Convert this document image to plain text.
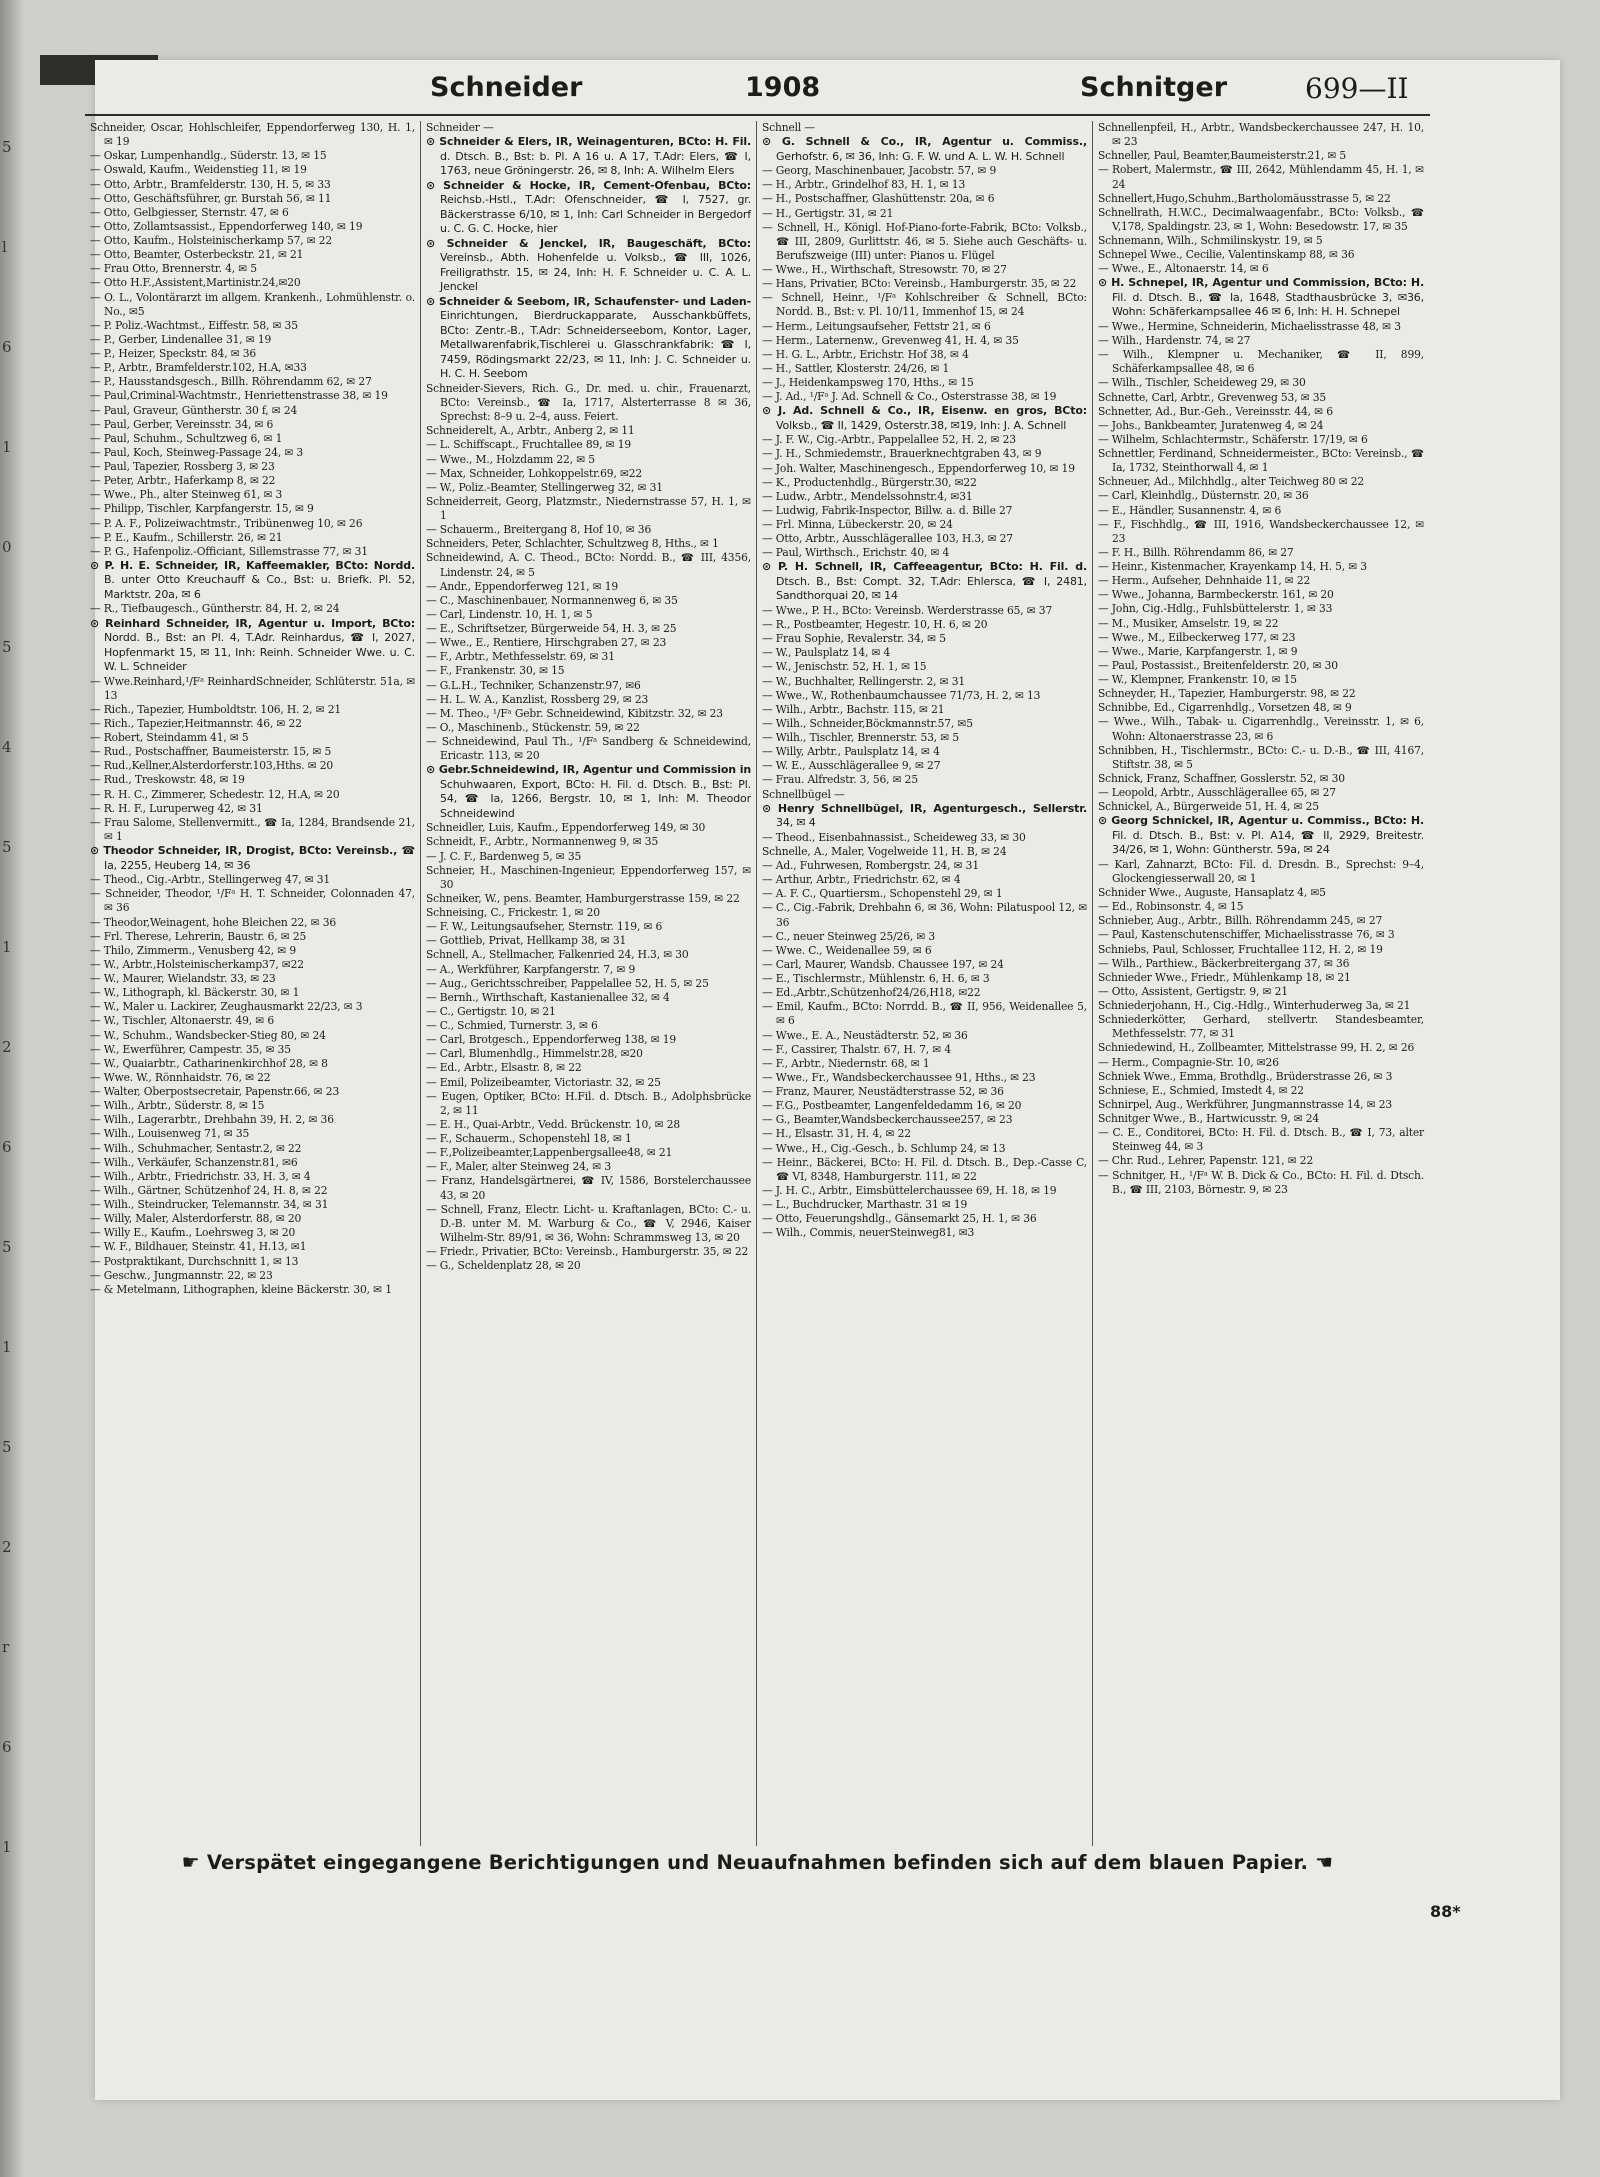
5
l
6
1
0
5
4
5
1
2
6
5
1
5
2
r
6
1
Schneider	1908	Schnitger	699—II
Schneider, Oscar, Hohlschleifer, Eppendorferweg 130, H. 1, ✉ 19
— Oskar, Lumpenhandlg., Süderstr. 13, ✉ 15
— Oswald, Kaufm., Weidenstieg 11, ✉ 19
— Otto, Arbtr., Bramfelderstr. 130, H. 5, ✉ 33
— Otto, Geschäftsführer, gr. Burstah 56, ✉ 11
— Otto, Gelbgiesser, Sternstr. 47, ✉ 6
— Otto, Zollamtsassist., Eppendorferweg 140, ✉ 19
— Otto, Kaufm., Holsteinischerkamp 57, ✉ 22
— Otto, Beamter, Osterbeckstr. 21, ✉ 21
— Frau Otto, Brennerstr. 4, ✉ 5
— Otto H.F.,Assistent,Martinistr.24,✉20
— O. L., Volontärarzt im allgem. Krankenh., Lohmühlenstr. o. No., ✉5
— P. Poliz.-Wachtmst., Eiffestr. 58, ✉ 35
— P., Gerber, Lindenallee 31, ✉ 19
— P., Heizer, Speckstr. 84, ✉ 36
— P., Arbtr., Bramfelderstr.102, H.A, ✉33
— P., Hausstandsgesch., Billh. Röhrendamm 62, ✉ 27
— Paul,Criminal-Wachtmstr., Henriettenstrasse 38, ✉ 19
— Paul, Graveur, Güntherstr. 30 f, ✉ 24
— Paul, Gerber, Vereinsstr. 34, ✉ 6
— Paul, Schuhm., Schultzweg 6, ✉ 1
— Paul, Koch, Steinweg-Passage 24, ✉ 3
— Paul, Tapezier, Rossberg 3, ✉ 23
— Peter, Arbtr., Haferkamp 8, ✉ 22
— Wwe., Ph., alter Steinweg 61, ✉ 3
— Philipp, Tischler, Karpfangerstr. 15, ✉ 9
— P. A. F., Polizeiwachtmstr., Tribünenweg 10, ✉ 26
— P. E., Kaufm., Schillerstr. 26, ✉ 21
— P. G., Hafenpoliz.-Officiant, Sillemstrasse 77, ✉ 31
⊙ P. H. E. Schneider, IR, Kaffeemakler, BCto: Nordd. B. unter Otto Kreuchauff & Co., Bst: u. Briefk. Pl. 52, Marktstr. 20a, ✉ 6
— R., Tiefbaugesch., Güntherstr. 84, H. 2, ✉ 24
⊙ Reinhard Schneider, IR, Agentur u. Import, BCto: Nordd. B., Bst: an Pl. 4, T.Adr. Reinhardus, ☎ I, 2027, Hopfenmarkt 15, ✉ 11, Inh: Reinh. Schneider Wwe. u. C. W. L. Schneider
— Wwe.Reinhard,¹/Fᵃ ReinhardSchneider, Schlüterstr. 51a, ✉ 13
— Rich., Tapezier, Humboldtstr. 106, H. 2, ✉ 21
— Rich., Tapezier,Heitmannstr. 46, ✉ 22
— Robert, Steindamm 41, ✉ 5
— Rud., Postschaffner, Baumeisterstr. 15, ✉ 5
— Rud.,Kellner,Alsterdorferstr.103,Hths. ✉ 20
— Rud., Treskowstr. 48, ✉ 19
— R. H. C., Zimmerer, Schedestr. 12, H.A, ✉ 20
— R. H. F., Luruperweg 42, ✉ 31
— Frau Salome, Stellenvermitt., ☎ Ia, 1284, Brandsende 21, ✉ 1
⊙ Theodor Schneider, IR, Drogist, BCto: Vereinsb., ☎ Ia, 2255, Heuberg 14, ✉ 36
— Theod., Cig.-Arbtr., Stellingerweg 47, ✉ 31
— Schneider, Theodor, ¹/Fᵃ H. T. Schneider, Colonnaden 47, ✉ 36
— Theodor,Weinagent, hohe Bleichen 22, ✉ 36
— Frl. Therese, Lehrerin, Baustr. 6, ✉ 25
— Thilo, Zimmerm., Venusberg 42, ✉ 9
— W., Arbtr.,Holsteinischerkamp37, ✉22
— W., Maurer, Wielandstr. 33, ✉ 23
— W., Lithograph, kl. Bäckerstr. 30, ✉ 1
— W., Maler u. Lackirer, Zeughausmarkt 22/23, ✉ 3
— W., Tischler, Altonaerstr. 49, ✉ 6
— W., Schuhm., Wandsbecker-Stieg 80, ✉ 24
— W., Ewerführer, Campestr. 35, ✉ 35
— W., Quaiarbtr., Catharinenkirchhof 28, ✉ 8
— Wwe. W., Rönnhaidstr. 76, ✉ 22
— Walter, Oberpostsecretair, Papenstr.66, ✉ 23
— Wilh., Arbtr., Süderstr. 8, ✉ 15
— Wilh., Lagerarbtr., Drehbahn 39, H. 2, ✉ 36
— Wilh., Louisenweg 71, ✉ 35
— Wilh., Schuhmacher, Sentastr.2, ✉ 22
— Wilh., Verkäufer, Schanzenstr.81, ✉6
— Wilh., Arbtr., Friedrichstr. 33, H. 3, ✉ 4
— Wilh., Gärtner, Schützenhof 24, H. 8, ✉ 22
— Wilh., Steindrucker, Telemannstr. 34, ✉ 31
— Willy, Maler, Alsterdorferstr. 88, ✉ 20
— Willy E., Kaufm., Loehrsweg 3, ✉ 20
— W. F., Bildhauer, Steinstr. 41, H.13, ✉1
— Postpraktikant, Durchschnitt 1, ✉ 13
— Geschw., Jungmannstr. 22, ✉ 23
— & Metelmann, Lithographen, kleine Bäckerstr. 30, ✉ 1
Schneider —
⊙ Schneider & Elers, IR, Weinagenturen, BCto: H. Fil. d. Dtsch. B., Bst: b. Pl. A 16 u. A 17, T.Adr: Elers, ☎ I, 1763, neue Gröningerstr. 26, ✉ 8, Inh: A. Wilhelm Elers
⊙ Schneider & Hocke, IR, Cement-Ofenbau, BCto: Reichsb.-Hstl., T.Adr: Ofenschneider, ☎ I, 7527, gr. Bäckerstrasse 6/10, ✉ 1, Inh: Carl Schneider in Bergedorf u. C. G. C. Hocke, hier
⊙ Schneider & Jenckel, IR, Baugeschäft, BCto: Vereinsb., Abth. Hohenfelde u. Volksb., ☎ III, 1026, Freiligrathstr. 15, ✉ 24, Inh: H. F. Schneider u. C. A. L. Jenckel
⊙ Schneider & Seebom, IR, Schaufenster- und Laden-Einrichtungen, Bierdruckapparate, Ausschankbüffets, BCto: Zentr.-B., T.Adr: Schneiderseebom, Kontor, Lager, Metallwarenfabrik,Tischlerei u. Glasschrankfabrik: ☎ I, 7459, Rödingsmarkt 22/23, ✉ 11, Inh: J. C. Schneider u. H. C. H. Seebom
Schneider-Sievers, Rich. G., Dr. med. u. chir., Frauenarzt, BCto: Vereinsb., ☎ Ia, 1717, Alsterterrasse 8 ✉ 36, Sprechst: 8–9 u. 2–4, auss. Feiert.
Schneiderelt, A., Arbtr., Anberg 2, ✉ 11
— L. Schiffscapt., Fruchtallee 89, ✉ 19
— Wwe., M., Holzdamm 22, ✉ 5
— Max, Schneider, Lohkoppelstr.69, ✉22
— W., Poliz.-Beamter, Stellingerweg 32, ✉ 31
Schneiderreit, Georg, Platzmstr., Niedernstrasse 57, H. 1, ✉ 1
— Schauerm., Breitergang 8, Hof 10, ✉ 36
Schneiders, Peter, Schlachter, Schultzweg 8, Hths., ✉ 1
Schneidewind, A. C. Theod., BCto: Nordd. B., ☎ III, 4356, Lindenstr. 24, ✉ 5
— Andr., Eppendorferweg 121, ✉ 19
— C., Maschinenbauer, Normannenweg 6, ✉ 35
— Carl, Lindenstr. 10, H. 1, ✉ 5
— E., Schriftsetzer, Bürgerweide 54, H. 3, ✉ 25
— Wwe., E., Rentiere, Hirschgraben 27, ✉ 23
— F., Arbtr., Methfesselstr. 69, ✉ 31
— F., Frankenstr. 30, ✉ 15
— G.L.H., Techniker, Schanzenstr.97, ✉6
— H. L. W. A., Kanzlist, Rossberg 29, ✉ 23
— M. Theo., ¹/Fᵃ Gebr. Schneidewind, Kibitzstr. 32, ✉ 23
— O., Maschinenb., Stückenstr. 59, ✉ 22
— Schneidewind, Paul Th., ¹/Fᵃ Sandberg & Schneidewind, Ericastr. 113, ✉ 20
⊙ Gebr.Schneidewind, IR, Agentur und Commission in Schuhwaaren, Export, BCto: H. Fil. d. Dtsch. B., Bst: Pl. 54, ☎ Ia, 1266, Bergstr. 10, ✉ 1, Inh: M. Theodor Schneidewind
Schneidler, Luis, Kaufm., Eppendorferweg 149, ✉ 30
Schneidt, F., Arbtr., Normannenweg 9, ✉ 35
— J. C. F., Bardenweg 5, ✉ 35
Schneier, H., Maschinen-Ingenieur, Eppendorferweg 157, ✉ 30
Schneiker, W., pens. Beamter, Hamburgerstrasse 159, ✉ 22
Schneising, C., Frickestr. 1, ✉ 20
— F. W., Leitungsaufseher, Sternstr. 119, ✉ 6
— Gottlieb, Privat, Hellkamp 38, ✉ 31
Schnell, A., Stellmacher, Falkenried 24, H.3, ✉ 30
— A., Werkführer, Karpfangerstr. 7, ✉ 9
— Aug., Gerichtsschreiber, Pappelallee 52, H. 5, ✉ 25
— Bernh., Wirthschaft, Kastanienallee 32, ✉ 4
— C., Gertigstr. 10, ✉ 21
— C., Schmied, Turnerstr. 3, ✉ 6
— Carl, Brotgesch., Eppendorferweg 138, ✉ 19
— Carl, Blumenhdlg., Himmelstr.28, ✉20
— Ed., Arbtr., Elsastr. 8, ✉ 22
— Emil, Polizeibeamter, Victoriastr. 32, ✉ 25
— Eugen, Optiker, BCto: H.Fil. d. Dtsch. B., Adolphsbrücke 2, ✉ 11
— E. H., Quai-Arbtr., Vedd. Brückenstr. 10, ✉ 28
— F., Schauerm., Schopenstehl 18, ✉ 1
— F.,Polizeibeamter,Lappenbergsallee48, ✉ 21
— F., Maler, alter Steinweg 24, ✉ 3
— Franz, Handelsgärtnerei, ☎ IV, 1586, Borstelerchaussee 43, ✉ 20
— Schnell, Franz, Electr. Licht- u. Kraftanlagen, BCto: C.- u. D.-B. unter M. M. Warburg & Co., ☎ V, 2946, Kaiser Wilhelm-Str. 89/91, ✉ 36, Wohn: Schrammsweg 13, ✉ 20
— Friedr., Privatier, BCto: Vereinsb., Hamburgerstr. 35, ✉ 22
— G., Scheldenplatz 28, ✉ 20
Schnell —
⊙ G. Schnell & Co., IR, Agentur u. Commiss., Gerhofstr. 6, ✉ 36, Inh: G. F. W. und A. L. W. H. Schnell
— Georg, Maschinenbauer, Jacobstr. 57, ✉ 9
— H., Arbtr., Grindelhof 83, H. 1, ✉ 13
— H., Postschaffner, Glashüttenstr. 20a, ✉ 6
— H., Gertigstr. 31, ✉ 21
— Schnell, H., Königl. Hof-Piano-forte-Fabrik, BCto: Volksb., ☎ III, 2809, Gurlittstr. 46, ✉ 5. Siehe auch Geschäfts- u. Berufszweige (III) unter: Pianos u. Flügel
— Wwe., H., Wirthschaft, Stresowstr. 70, ✉ 27
— Hans, Privatier, BCto: Vereinsb., Hamburgerstr. 35, ✉ 22
— Schnell, Heinr., ¹/Fᵃ Kohlschreiber & Schnell, BCto: Nordd. B., Bst: v. Pl. 10/11, Immenhof 15, ✉ 24
— Herm., Leitungsaufseher, Fettstr 21, ✉ 6
— Herm., Laternenw., Grevenweg 41, H. 4, ✉ 35
— H. G. L., Arbtr., Erichstr. Hof 38, ✉ 4
— H., Sattler, Klosterstr. 24/26, ✉ 1
— J., Heidenkampsweg 170, Hths., ✉ 15
— J. Ad., ¹/Fᵃ J. Ad. Schnell & Co., Osterstrasse 38, ✉ 19
⊙ J. Ad. Schnell & Co., IR, Eisenw. en gros, BCto: Volksb., ☎ II, 1429, Osterstr.38, ✉19, Inh: J. A. Schnell
— J. F. W., Cig.-Arbtr., Pappelallee 52, H. 2, ✉ 23
— J. H., Schmiedemstr., Brauerknechtgraben 43, ✉ 9
— Joh. Walter, Maschinengesch., Eppendorferweg 10, ✉ 19
— K., Productenhdlg., Bürgerstr.30, ✉22
— Ludw., Arbtr., Mendelssohnstr.4, ✉31
— Ludwig, Fabrik-Inspector, Billw. a. d. Bille 27
— Frl. Minna, Lübeckerstr. 20, ✉ 24
— Otto, Arbtr., Ausschlägerallee 103, H.3, ✉ 27
— Paul, Wirthsch., Erichstr. 40, ✉ 4
⊙ P. H. Schnell, IR, Caffeeagentur, BCto: H. Fil. d. Dtsch. B., Bst: Compt. 32, T.Adr: Ehlersca, ☎ I, 2481, Sandthorquai 20, ✉ 14
— Wwe., P. H., BCto: Vereinsb. Werderstrasse 65, ✉ 37
— R., Postbeamter, Hegestr. 10, H. 6, ✉ 20
— Frau Sophie, Revalerstr. 34, ✉ 5
— W., Paulsplatz 14, ✉ 4
— W., Jenischstr. 52, H. 1, ✉ 15
— W., Buchhalter, Rellingerstr. 2, ✉ 31
— Wwe., W., Rothenbaumchaussee 71/73, H. 2, ✉ 13
— Wilh., Arbtr., Bachstr. 115, ✉ 21
— Wilh., Schneider,Böckmannstr.57, ✉5
— Wilh., Tischler, Brennerstr. 53, ✉ 5
— Willy, Arbtr., Paulsplatz 14, ✉ 4
— W. E., Ausschlägerallee 9, ✉ 27
— Frau. Alfredstr. 3, 56, ✉ 25
Schnellbügel —
⊙ Henry Schnellbügel, IR, Agenturgesch., Sellerstr. 34, ✉ 4
— Theod., Eisenbahnassist., Scheideweg 33, ✉ 30
Schnelle, A., Maler, Vogelweide 11, H. B, ✉ 24
— Ad., Fuhrwesen, Rombergstr. 24, ✉ 31
— Arthur, Arbtr., Friedrichstr. 62, ✉ 4
— A. F. C., Quartiersm., Schopenstehl 29, ✉ 1
— C., Cig.-Fabrik, Drehbahn 6, ✉ 36, Wohn: Pilatuspool 12, ✉ 36
— C., neuer Steinweg 25/26, ✉ 3
— Wwe. C., Weidenallee 59, ✉ 6
— Carl, Maurer, Wandsb. Chaussee 197, ✉ 24
— E., Tischlermstr., Mühlenstr. 6, H. 6, ✉ 3
— Ed.,Arbtr.,Schützenhof24/26,H18, ✉22
— Emil, Kaufm., BCto: Norrdd. B., ☎ II, 956, Weidenallee 5, ✉ 6
— Wwe., E. A., Neustädterstr. 52, ✉ 36
— F., Cassirer, Thalstr. 67, H. 7, ✉ 4
— F., Arbtr., Niedernstr. 68, ✉ 1
— Wwe., Fr., Wandsbeckerchaussee 91, Hths., ✉ 23
— Franz, Maurer, Neustädterstrasse 52, ✉ 36
— F.G., Postbeamter, Langenfeldedamm 16, ✉ 20
— G., Beamter,Wandsbeckerchaussee257, ✉ 23
— H., Elsastr. 31, H. 4, ✉ 22
— Wwe., H., Cig.-Gesch., b. Schlump 24, ✉ 13
— Heinr., Bäckerei, BCto: H. Fil. d. Dtsch. B., Dep.-Casse C, ☎ VI, 8348, Hamburgerstr. 111, ✉ 22
— J. H. C., Arbtr., Eimsbüttelerchaussee 69, H. 18, ✉ 19
— L., Buchdrucker, Marthastr. 31 ✉ 19
— Otto, Feuerungshdlg., Gänsemarkt 25, H. 1, ✉ 36
— Wilh., Commis, neuerSteinweg81, ✉3
Schnellenpfeil, H., Arbtr., Wandsbeckerchaussee 247, H. 10, ✉ 23
Schneller, Paul, Beamter,Baumeisterstr.21, ✉ 5
— Robert, Malermstr., ☎ III, 2642, Mühlendamm 45, H. 1, ✉ 24
Schnellert,Hugo,Schuhm.,Bartholomäusstrasse 5, ✉ 22
Schnellrath, H.W.C., Decimalwaagenfabr., BCto: Volksb., ☎ V,178, Spaldingstr. 23, ✉ 1, Wohn: Besedowstr. 17, ✉ 35
Schnemann, Wilh., Schmilinskystr. 19, ✉ 5
Schnepel Wwe., Cecilie, Valentinskamp 88, ✉ 36
— Wwe., E., Altonaerstr. 14, ✉ 6
⊙ H. Schnepel, IR, Agentur und Commission, BCto: H. Fil. d. Dtsch. B., ☎ Ia, 1648, Stadthausbrücke 3, ✉36, Wohn: Schäferkampsallee 46 ✉ 6, Inh: H. H. Schnepel
— Wwe., Hermine, Schneiderin, Michaelisstrasse 48, ✉ 3
— Wilh., Hardenstr. 74, ✉ 27
— Wilh., Klempner u. Mechaniker, ☎ II, 899, Schäferkampsallee 48, ✉ 6
— Wilh., Tischler, Scheideweg 29, ✉ 30
Schnette, Carl, Arbtr., Grevenweg 53, ✉ 35
Schnetter, Ad., Bur.-Geh., Vereinsstr. 44, ✉ 6
— Johs., Bankbeamter, Juratenweg 4, ✉ 24
— Wilhelm, Schlachtermstr., Schäferstr. 17/19, ✉ 6
Schnettler, Ferdinand, Schneidermeister., BCto: Vereinsb., ☎ Ia, 1732, Steinthorwall 4, ✉ 1
Schneuer, Ad., Milchhdlg., alter Teichweg 80 ✉ 22
— Carl, Kleinhdlg., Düsternstr. 20, ✉ 36
— E., Händler, Susannenstr. 4, ✉ 6
— F., Fischhdlg., ☎ III, 1916, Wandsbeckerchaussee 12, ✉ 23
— F. H., Billh. Röhrendamm 86, ✉ 27
— Heinr., Kistenmacher, Krayenkamp 14, H. 5, ✉ 3
— Herm., Aufseher, Dehnhaide 11, ✉ 22
— Wwe., Johanna, Barmbeckerstr. 161, ✉ 20
— John, Cig.-Hdlg., Fuhlsbüttelerstr. 1, ✉ 33
— M., Musiker, Amselstr. 19, ✉ 22
— Wwe., M., Eilbeckerweg 177, ✉ 23
— Wwe., Marie, Karpfangerstr. 1, ✉ 9
— Paul, Postassist., Breitenfelderstr. 20, ✉ 30
— W., Klempner, Frankenstr. 10, ✉ 15
Schneyder, H., Tapezier, Hamburgerstr. 98, ✉ 22
Schnibbe, Ed., Cigarrenhdlg., Vorsetzen 48, ✉ 9
— Wwe., Wilh., Tabak- u. Cigarrenhdlg., Vereinsstr. 1, ✉ 6, Wohn: Altonaerstrasse 23, ✉ 6
Schnibben, H., Tischlermstr., BCto: C.- u. D.-B., ☎ III, 4167, Stiftstr. 38, ✉ 5
Schnick, Franz, Schaffner, Gosslerstr. 52, ✉ 30
— Leopold, Arbtr., Ausschlägerallee 65, ✉ 27
Schnickel, A., Bürgerweide 51, H. 4, ✉ 25
⊙ Georg Schnickel, IR, Agentur u. Commiss., BCto: H. Fil. d. Dtsch. B., Bst: v. Pl. A14, ☎ II, 2929, Breitestr. 34/26, ✉ 1, Wohn: Güntherstr. 59a, ✉ 24
— Karl, Zahnarzt, BCto: Fil. d. Dresdn. B., Sprechst: 9–4, Glockengiesserwall 20, ✉ 1
Schnider Wwe., Auguste, Hansaplatz 4, ✉5
— Ed., Robinsonstr. 4, ✉ 15
Schnieber, Aug., Arbtr., Billh. Röhrendamm 245, ✉ 27
— Paul, Kastenschutenschiffer, Michaelisstrasse 76, ✉ 3
Schniebs, Paul, Schlosser, Fruchtallee 112, H. 2, ✉ 19
— Wilh., Parthiew., Bäckerbreitergang 37, ✉ 36
Schnieder Wwe., Friedr., Mühlenkamp 18, ✉ 21
— Otto, Assistent, Gertigstr. 9, ✉ 21
Schniederjohann, H., Cig.-Hdlg., Winterhuderweg 3a, ✉ 21
Schniederkötter, Gerhard, stellvertr. Standesbeamter, Methfesselstr. 77, ✉ 31
Schniedewind, H., Zollbeamter, Mittelstrasse 99, H. 2, ✉ 26
— Herm., Compagnie-Str. 10, ✉26
Schniek Wwe., Emma, Brothdlg., Brüderstrasse 26, ✉ 3
Schniese, E., Schmied, Imstedt 4, ✉ 22
Schnirpel, Aug., Werkführer, Jungmannstrasse 14, ✉ 23
Schnitger Wwe., B., Hartwicusstr. 9, ✉ 24
— C. E., Conditorei, BCto: H. Fil. d. Dtsch. B., ☎ I, 73, alter Steinweg 44, ✉ 3
— Chr. Rud., Lehrer, Papenstr. 121, ✉ 22
— Schnitger, H., ¹/Fᵃ W. B. Dick & Co., BCto: H. Fil. d. Dtsch. B., ☎ III, 2103, Börnestr. 9, ✉ 23
☛ Verspätet eingegangene Berichtigungen und Neuaufnahmen befinden sich auf dem blauen Papier. ☚
88*
